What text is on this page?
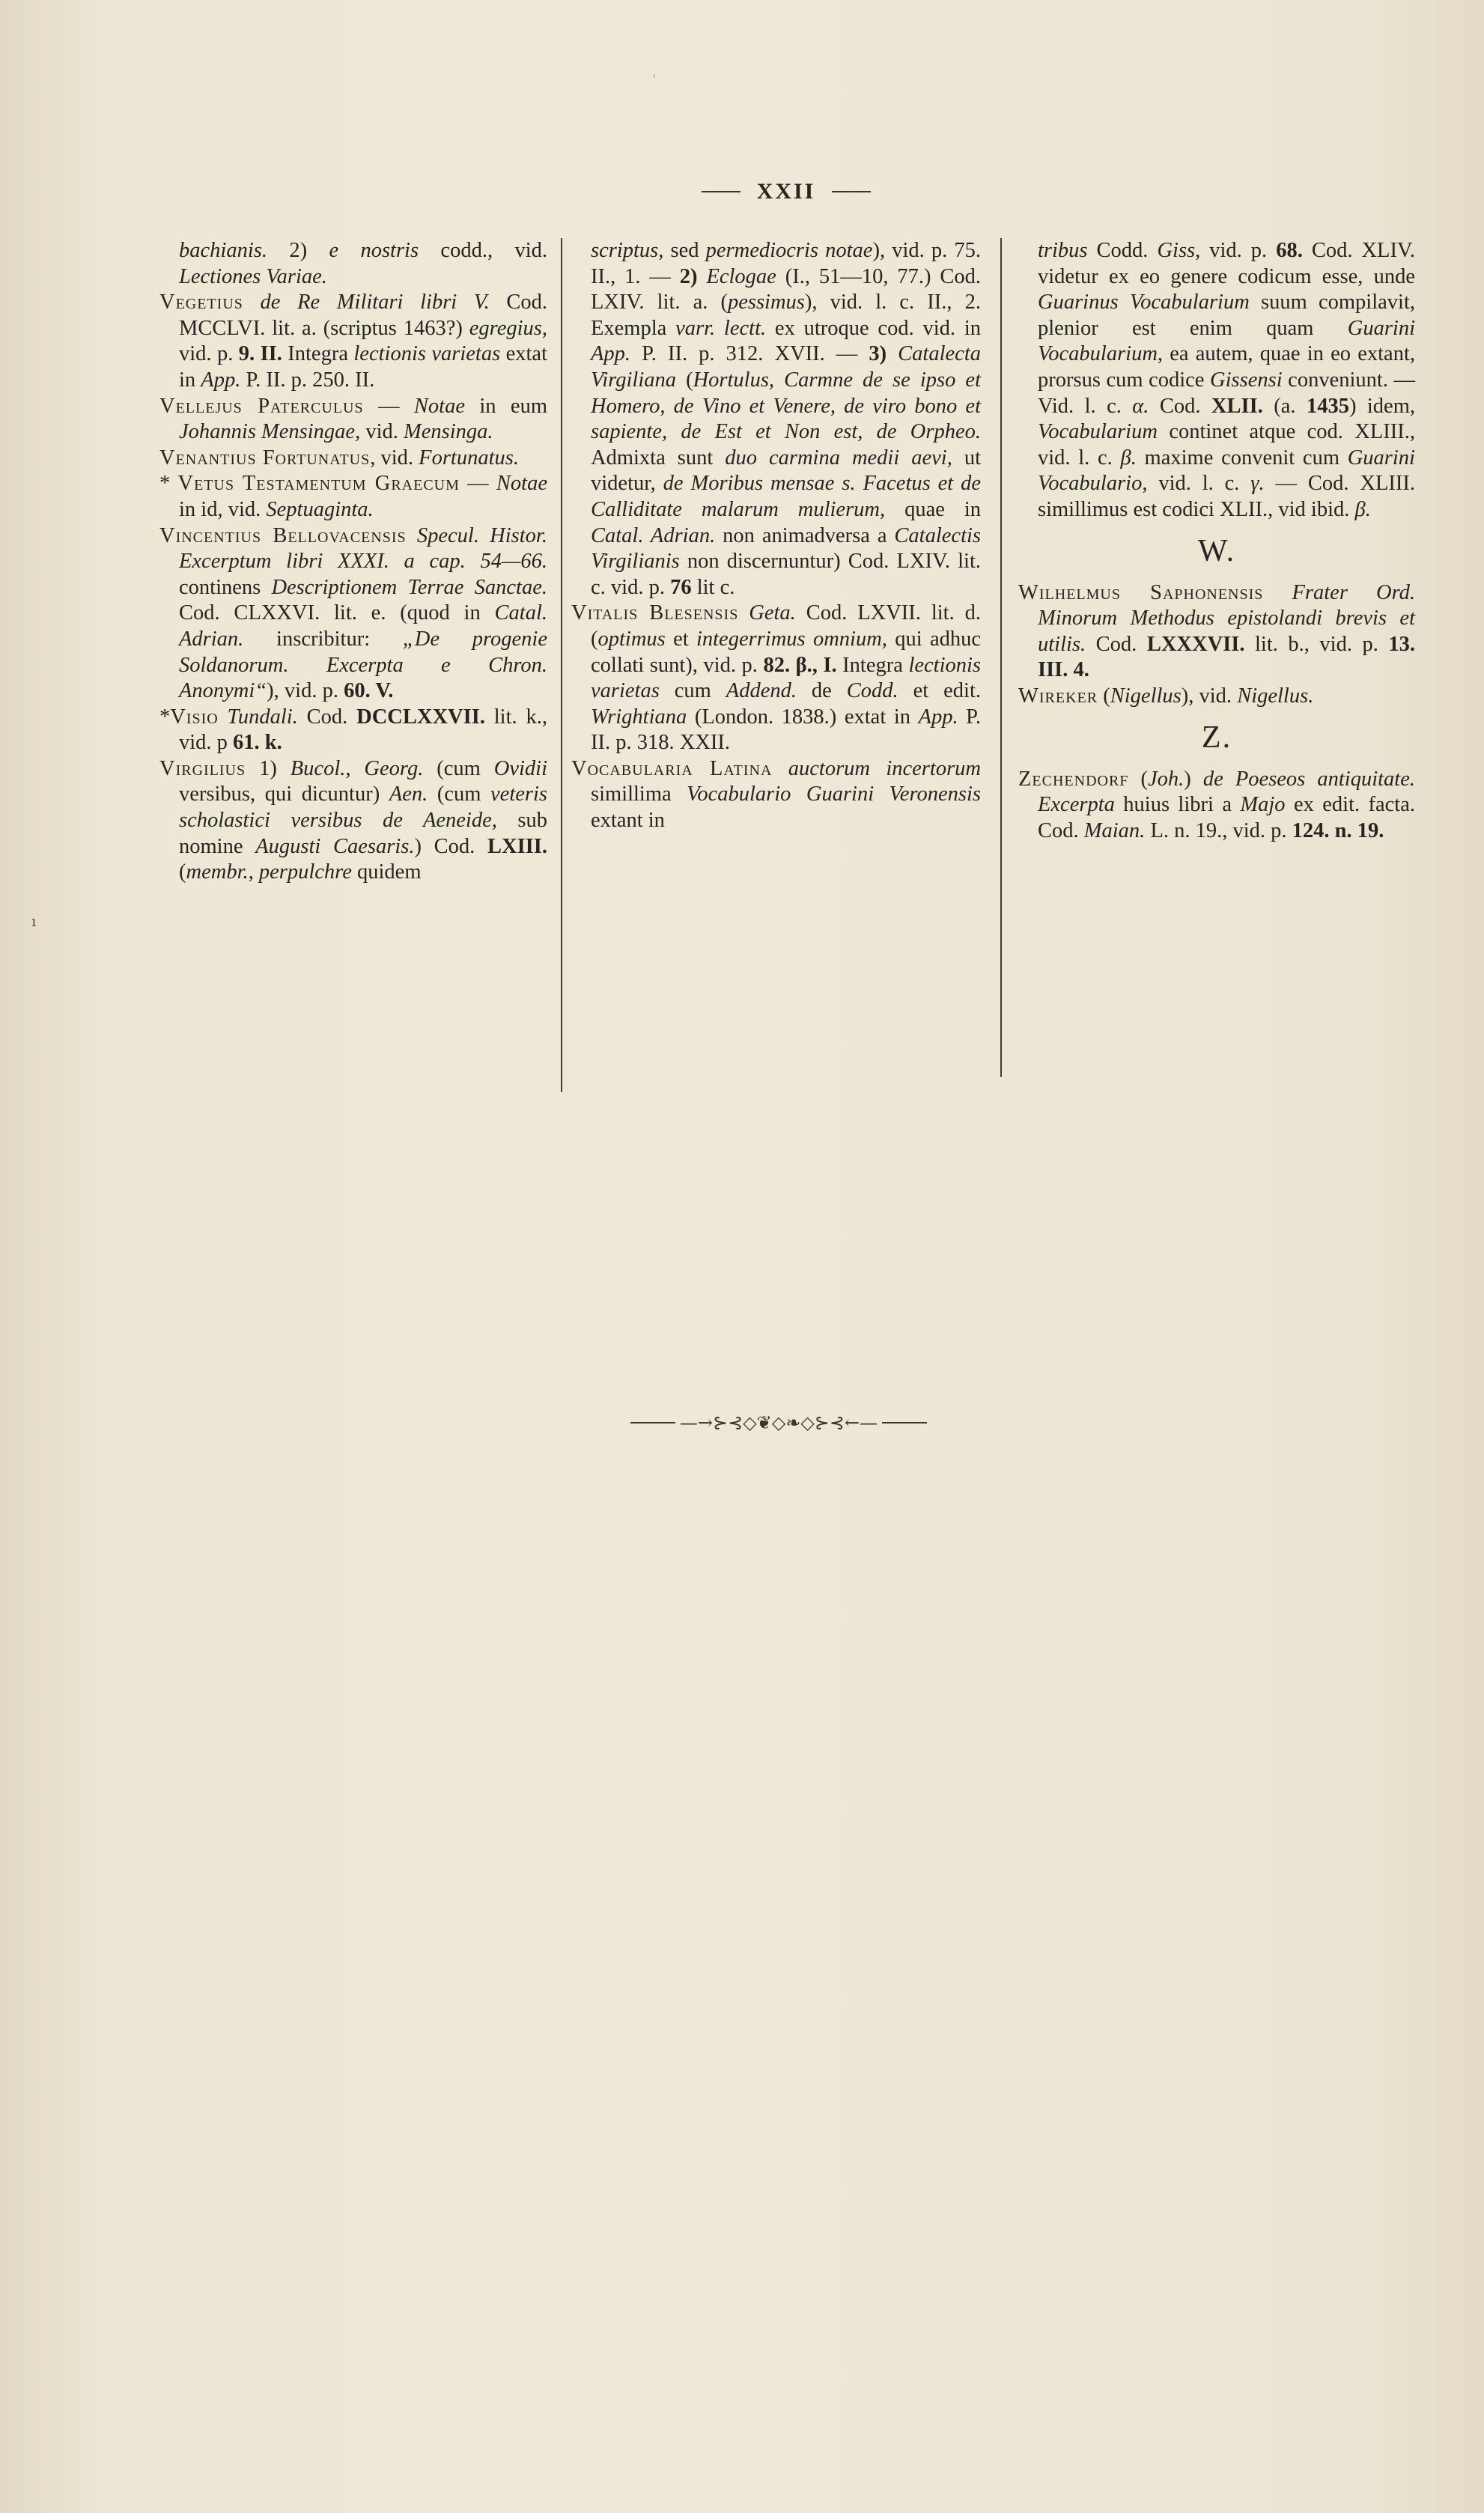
'
ı
XXII

bachianis. 2) e nostris codd., vid. Lectiones Variae.

Vegetius de Re Militari libri V. Cod. MCCLVI. lit. a. (scriptus 1463?) egregius, vid. p. 9. II. Integra lectionis varietas extat in App. P. II. p. 250. II.

Vellejus Paterculus — Notae in eum Johannis Mensingae, vid. Mensinga.

Venantius Fortunatus, vid. Fortunatus.

* Vetus Testamentum Graecum — Notae in id, vid. Septuaginta.

Vincentius Bellovacensis Specul. Histor. Excerptum libri XXXI. a cap. 54—66. continens Descriptionem Terrae Sanctae. Cod. CLXXVI. lit. e. (quod in Catal. Adrian. inscribitur: „De progenie Soldanorum. Excerpta e Chron. Anonymi“), vid. p. 60. V.

*Visio Tundali. Cod. DCCLXXVII. lit. k., vid. p 61. k.

Virgilius 1) Bucol., Georg. (cum Ovidii versibus, qui dicuntur) Aen. (cum veteris scholastici versibus de Aeneide, sub nomine Augusti Caesaris.) Cod. LXIII. (membr., perpulchre quidem

scriptus, sed permediocris notae), vid. p. 75. II., 1. — 2) Eclogae (I., 51—10, 77.) Cod. LXIV. lit. a. (pessimus), vid. l. c. II., 2. Exempla varr. lectt. ex utroque cod. vid. in App. P. II. p. 312. XVII. — 3) Catalecta Virgiliana (Hortulus, Carmne de se ipso et Homero, de Vino et Venere, de viro bono et sapiente, de Est et Non est, de Orpheo. Admixta sunt duo carmina medii aevi, ut videtur, de Moribus mensae s. Facetus et de Calliditate malarum mulierum, quae in Catal. Adrian. non animadversa a Catalectis Virgilianis non discernuntur) Cod. LXIV. lit. c. vid. p. 76 lit c.

Vitalis Blesensis Geta. Cod. LXVII. lit. d. (optimus et integerrimus omnium, qui adhuc collati sunt), vid. p. 82. β., I. Integra lectionis varietas cum Addend. de Codd. et edit. Wrightiana (London. 1838.) extat in App. P. II. p. 318. XXII.

Vocabularia Latina auctorum incertorum simillima Vocabulario Guarini Veronensis extant in

tribus Codd. Giss, vid. p. 68. Cod. XLIV. videtur ex eo genere codicum esse, unde Guarinus Vocabularium suum compilavit, plenior est enim quam Guarini Vocabularium, ea autem, quae in eo extant, prorsus cum codice Gissensi conveniunt. — Vid. l. c. α. Cod. XLII. (a. 1435) idem, Vocabularium continet atque cod. XLIII., vid. l. c. β. maxime convenit cum Guarini Vocabulario, vid. l. c. γ. — Cod. XLIII. simillimus est codici XLII., vid ibid. β.

W.

Wilhelmus Saphonensis Frater Ord. Minorum Methodus epistolandi brevis et utilis. Cod. LXXXVII. lit. b., vid. p. 13. III. 4.

Wireker (Nigellus), vid. Nigellus.

Z.

Zechendorf (Joh.) de Poeseos antiquitate. Excerpta huius libri a Majo ex edit. facta. Cod. Maian. L. n. 19., vid. p. 124. n. 19.

—→⊱⊰◇❦◇❧◇⊱⊰←—
